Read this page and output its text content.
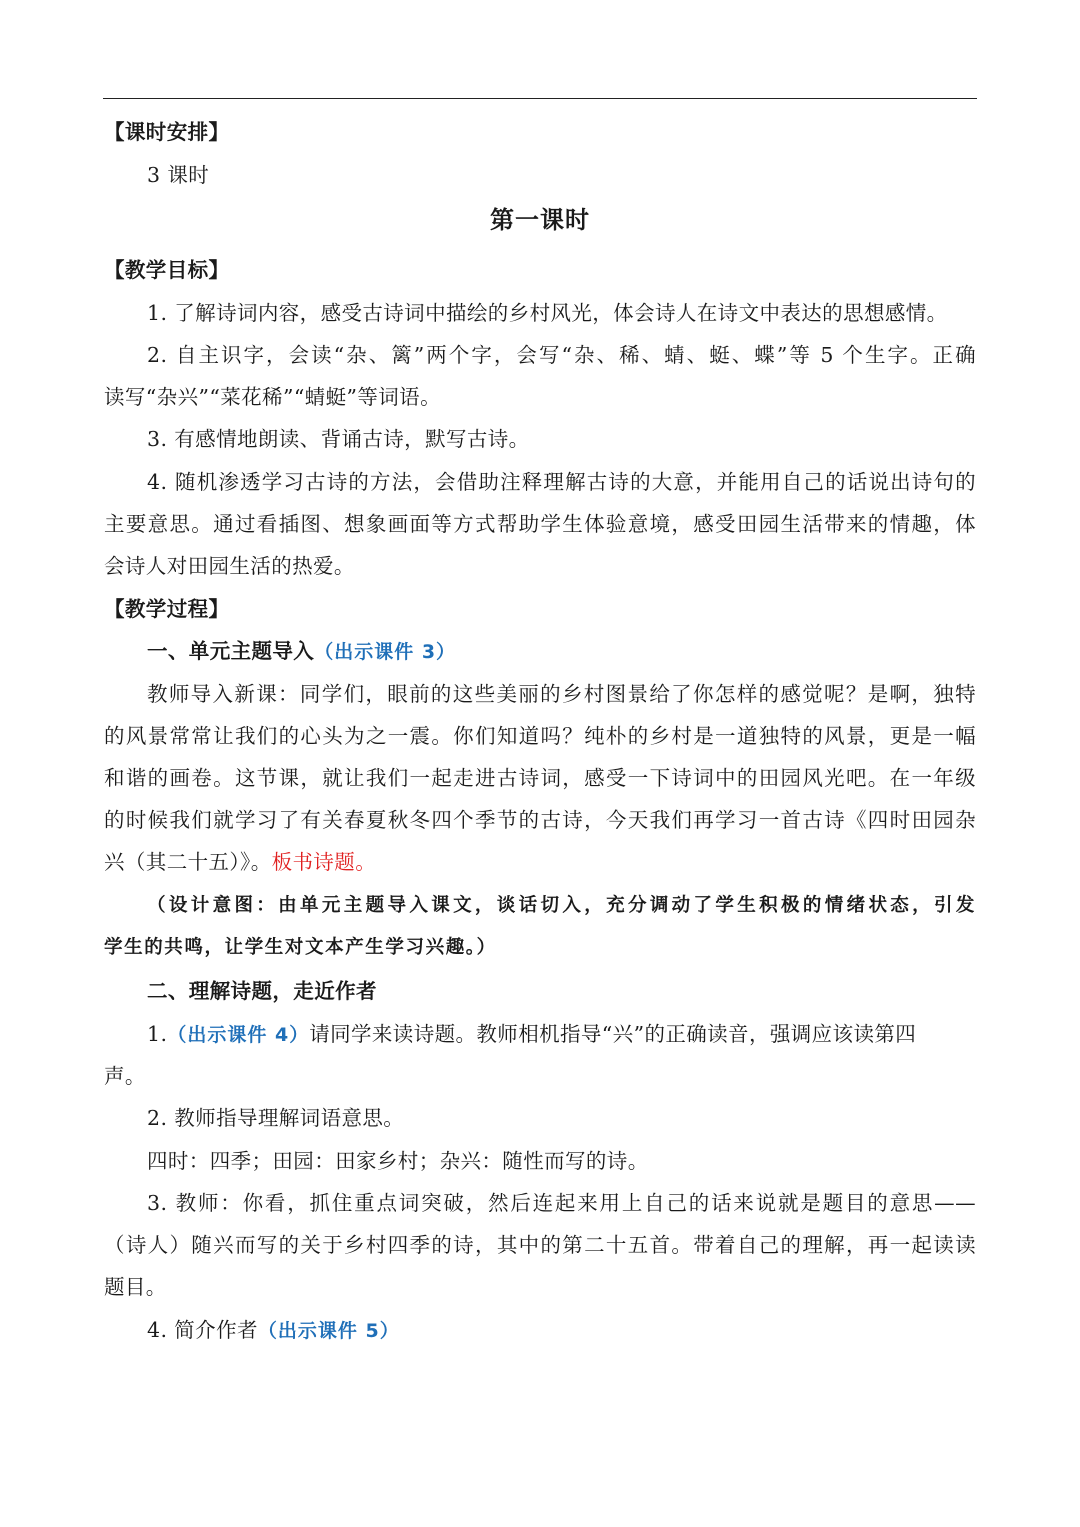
【课时安排】
3 课时
第一课时
【教学目标】
1. 了解诗词内容，感受古诗词中描绘的乡村风光，体会诗人在诗文中表达的思想感情。
2. 自主识字，会读“杂、篱”两个字，会写“杂、稀、蜻、蜓、蝶”等 5 个生字。正确
读写“杂兴”“菜花稀”“蜻蜓”等词语。
3. 有感情地朗读、背诵古诗，默写古诗。
4. 随机渗透学习古诗的方法，会借助注释理解古诗的大意，并能用自己的话说出诗句的
主要意思。通过看插图、想象画面等方式帮助学生体验意境，感受田园生活带来的情趣，体
会诗人对田园生活的热爱。
【教学过程】
一、单元主题导入（出示课件 3）
教师导入新课：同学们，眼前的这些美丽的乡村图景给了你怎样的感觉呢？是啊，独特
的风景常常让我们的心头为之一震。你们知道吗？纯朴的乡村是一道独特的风景，更是一幅
和谐的画卷。这节课，就让我们一起走进古诗词，感受一下诗词中的田园风光吧。在一年级
的时候我们就学习了有关春夏秋冬四个季节的古诗，今天我们再学习一首古诗《四时田园杂
兴（其二十五）》。板书诗题。
（设计意图：由单元主题导入课文，谈话切入，充分调动了学生积极的情绪状态，引发
学生的共鸣，让学生对文本产生学习兴趣。）
二、理解诗题，走近作者
1.（出示课件 4）请同学来读诗题。教师相机指导“兴”的正确读音，强调应该读第四
声。
2. 教师指导理解词语意思。
四时：四季；田园：田家乡村；杂兴：随性而写的诗。
3. 教师：你看，抓住重点词突破，然后连起来用上自己的话来说就是题目的意思——
（诗人）随兴而写的关于乡村四季的诗，其中的第二十五首。带着自己的理解，再一起读读
题目。
4. 简介作者（出示课件 5）
